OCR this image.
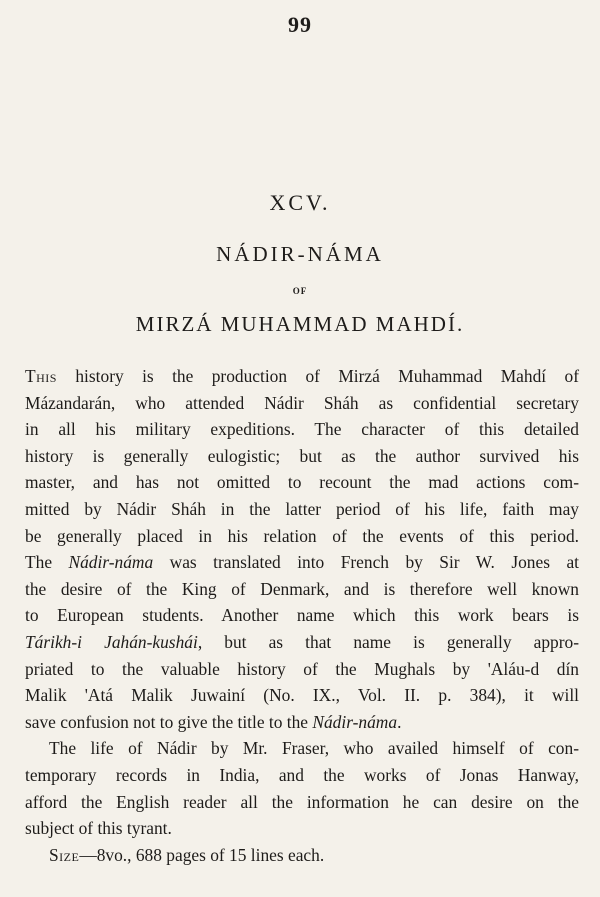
99
XCV.
NÁDIR-NÁMA
OF
MIRZÁ MUHAMMAD MAHDÍ.

This history is the production of Mirzá Muhammad Mahdí of
Mázandarán, who attended Nádir Sháh as confidential secretary
in all his military expeditions. The character of this detailed
history is generally eulogistic; but as the author survived his
master, and has not omitted to recount the mad actions com-
mitted by Nádir Sháh in the latter period of his life, faith may
be generally placed in his relation of the events of this period.
The Nádir-náma was translated into French by Sir W. Jones at
the desire of the King of Denmark, and is therefore well known
to European students. Another name which this work bears is
Tárikh-i Jahán-kushái, but as that name is generally appro-
priated to the valuable history of the Mughals by 'Aláu-d dín
Malik 'Atá Malik Juwainí (No. IX., Vol. II. p. 384), it will
save confusion not to give the title to the Nádir-náma.

The life of Nádir by Mr. Fraser, who availed himself of con-
temporary records in India, and the works of Jonas Hanway,
afford the English reader all the information he can desire on the
subject of this tyrant.

Size—8vo., 688 pages of 15 lines each.
